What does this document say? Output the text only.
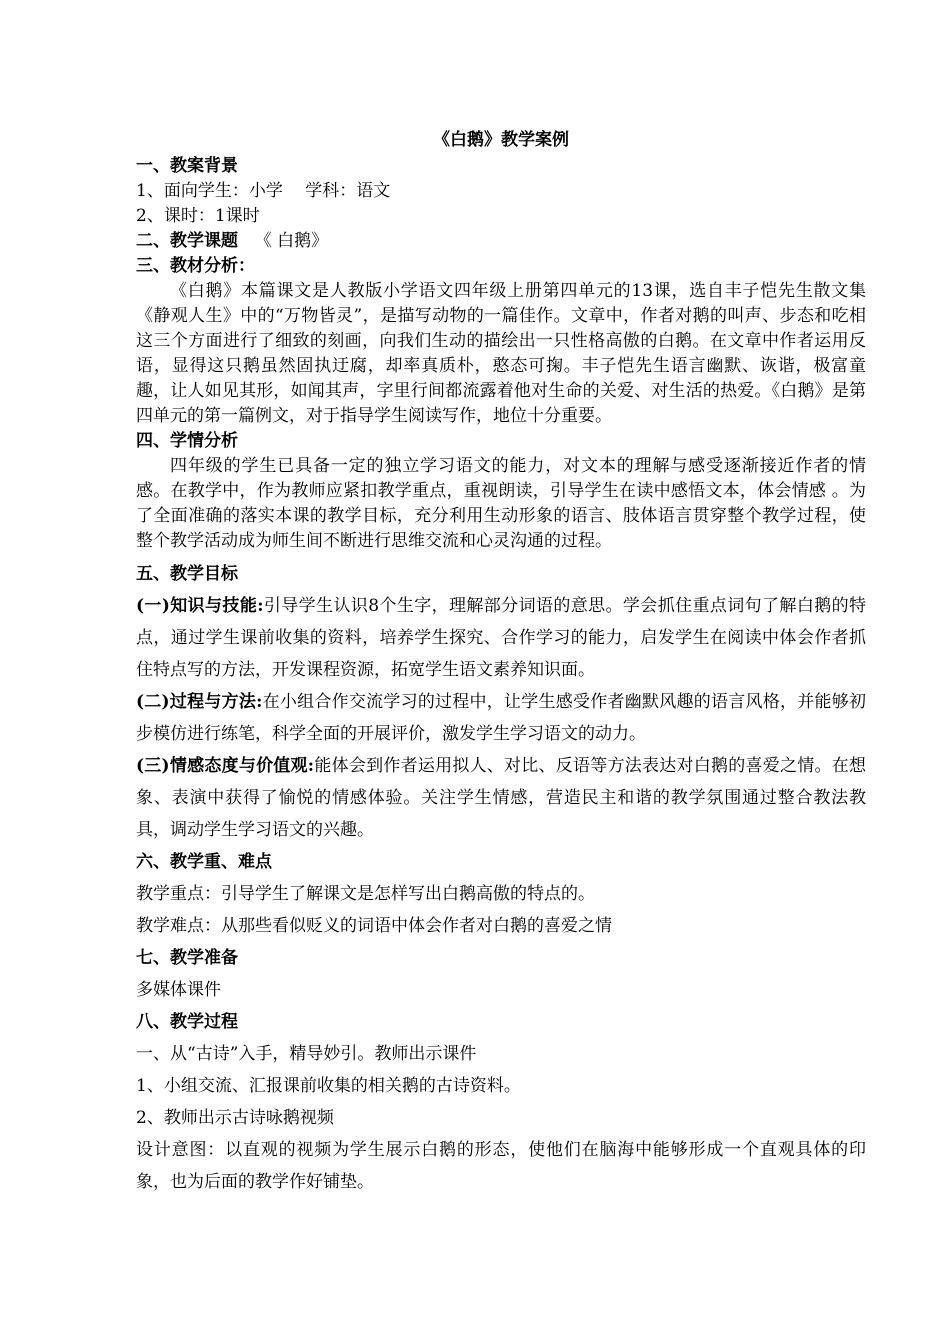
《白鹅》教学案例
一、教案背景
1、面向学生：小学　 学科：语文
2、课时：1课时
二、教学课题 《 白鹅》
三、教材分析：
《白鹅》本篇课文是人教版小学语文四年级上册第四单元的13课，选自丰子恺先生散文集《静观人生》中的“万物皆灵”，是描写动物的一篇佳作。文章中，作者对鹅的叫声、步态和吃相这三个方面进行了细致的刻画，向我们生动的描绘出一只性格高傲的白鹅。在文章中作者运用反语，显得这只鹅虽然固执迂腐，却率真质朴，憨态可掬。丰子恺先生语言幽默、诙谐，极富童趣，让人如见其形，如闻其声，字里行间都流露着他对生命的关爱、对生活的热爱。《白鹅》是第四单元的第一篇例文，对于指导学生阅读写作，地位十分重要。
四、学情分析
四年级的学生已具备一定的独立学习语文的能力，对文本的理解与感受逐渐接近作者的情感。在教学中，作为教师应紧扣教学重点，重视朗读，引导学生在读中感悟文本，体会情感 。为了全面准确的落实本课的教学目标，充分利用生动形象的语言、肢体语言贯穿整个教学过程，使整个教学活动成为师生间不断进行思维交流和心灵沟通的过程。
五、教学目标
(一)知识与技能:引导学生认识8个生字，理解部分词语的意思。学会抓住重点词句了解白鹅的特点，通过学生课前收集的资料，培养学生探究、合作学习的能力，启发学生在阅读中体会作者抓住特点写的方法，开发课程资源，拓宽学生语文素养知识面。
(二)过程与方法:在小组合作交流学习的过程中，让学生感受作者幽默风趣的语言风格，并能够初步模仿进行练笔，科学全面的开展评价，激发学生学习语文的动力。
(三)情感态度与价值观:能体会到作者运用拟人、对比、反语等方法表达对白鹅的喜爱之情。在想象、表演中获得了愉悦的情感体验。关注学生情感，营造民主和谐的教学氛围通过整合教法教具，调动学生学习语文的兴趣。
六、教学重、难点
教学重点：引导学生了解课文是怎样写出白鹅高傲的特点的。
教学难点：从那些看似贬义的词语中体会作者对白鹅的喜爱之情
七、教学准备
多媒体课件
八、教学过程
一、从“古诗”入手，精导妙引。教师出示课件
1、小组交流、汇报课前收集的相关鹅的古诗资料。
2、教师出示古诗咏鹅视频
设计意图：以直观的视频为学生展示白鹅的形态，使他们在脑海中能够形成一个直观具体的印象，也为后面的教学作好铺垫。
